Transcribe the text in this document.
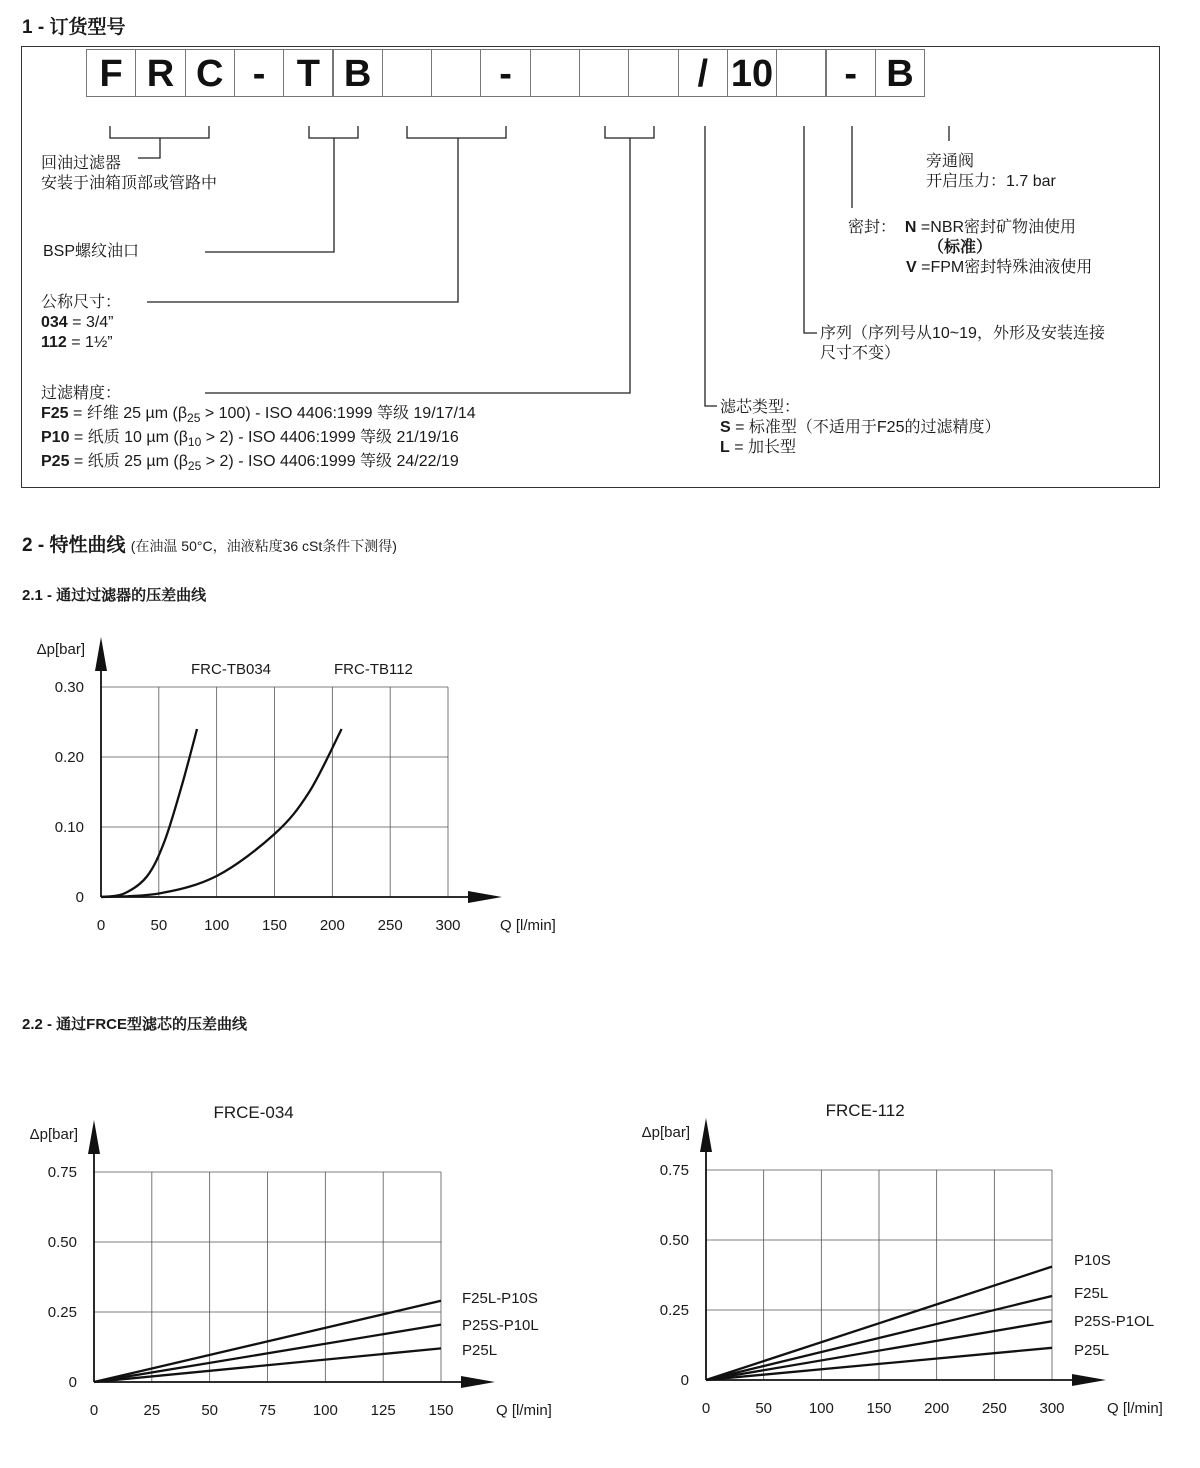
1 - 订货型号
F R C - T B	-	/ 10	- B
回油过滤器
安装于油箱顶部或管路中
BSP螺纹油口
公称尺寸：
034 = 3/4”
112 = 1½”
过滤精度：
F25 = 纤维 25 µm $(\beta_{25} > 100)$ - ISO 4406:1999 等级 19/17/14
P10 = 纸质 10 µm $(\beta_{10} > 2)$ - ISO 4406:1999 等级 21/19/16
P25 = 纸质 25 µm $(\beta_{25} > 2)$ - ISO 4406:1999 等级 24/22/19
滤芯类型：
S = 标准型（不适用于F25的过滤精度）
L = 加长型
序列（序列号从10~19，外形及安装连接
尺寸不变）
密封： N =NBR密封矿物油使用
（标准）
V =FPM密封特殊油液使用
旁通阀
开启压力：1.7 bar
2 - 特性曲线 (在油温 50°C，油液粘度36 cSt条件下测得)
2.1 - 通过过滤器的压差曲线
2.2 - 通过FRCE型滤芯的压差曲线
0	50 100 150 200 250 300
0
0.10
0.20
0.30
Q [l/min]
Δp[bar]
FRC-TB034	FRC-TB112
0	25	50	75 100 125 150
0
0.25
0.50
0.75
Q [l/min]
Δp[bar]
FRCE-034
F25L-P10S
P25S-P10L
P25L
0	50 100 150 200 250 300
0
0.25
0.50
0.75
Q [l/min]
Δp[bar]
FRCE-112
P10S
F25L
P25S-P1OL
P25L
